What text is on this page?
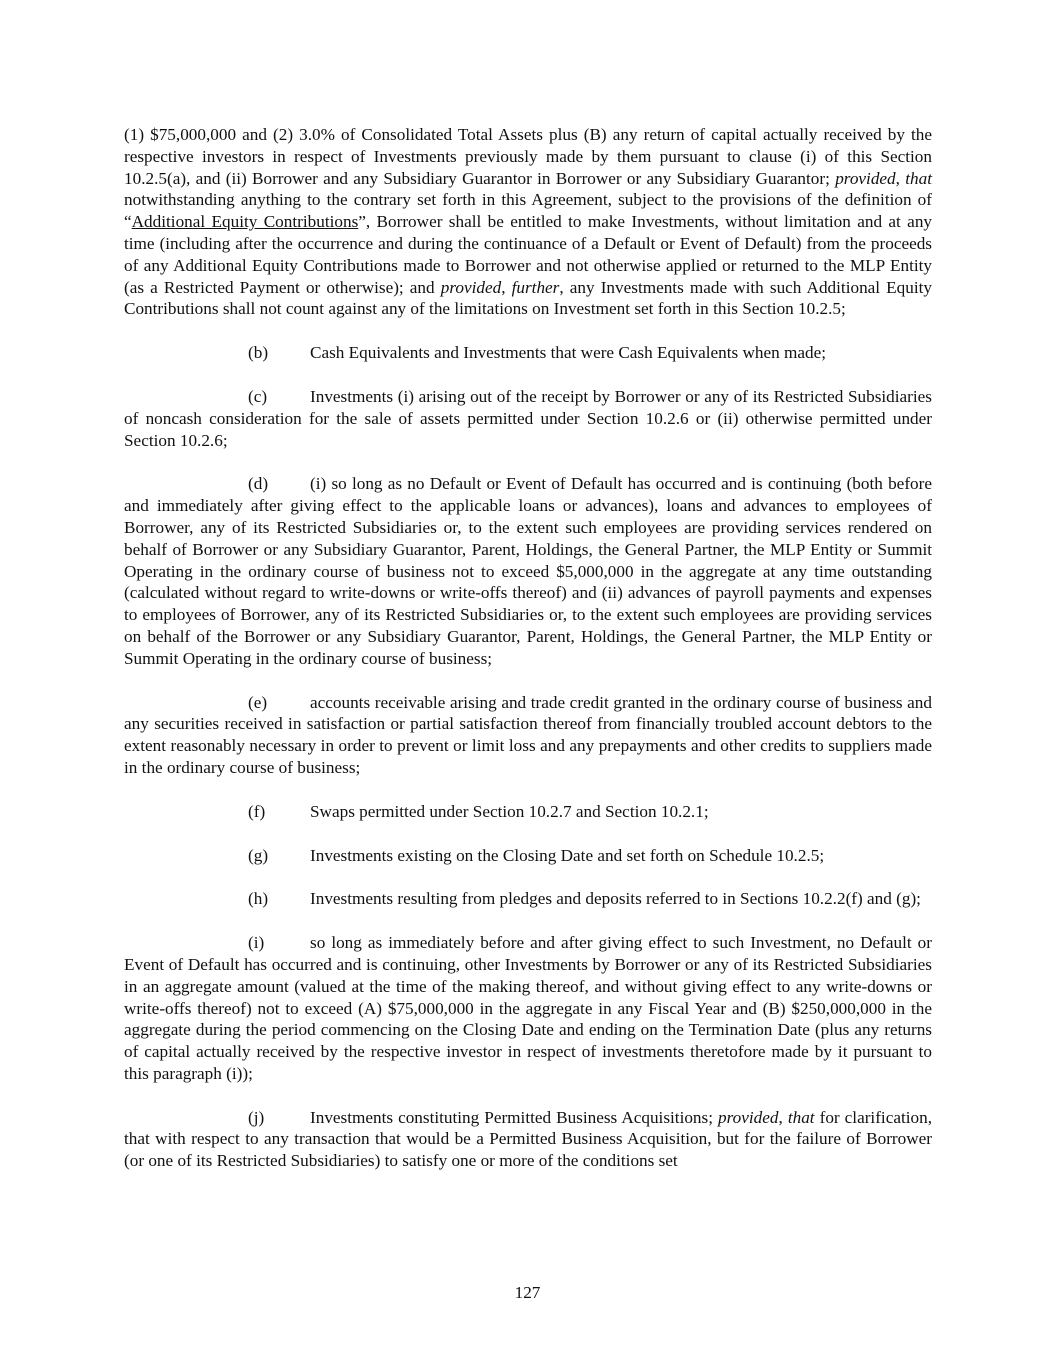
(1) $75,000,000 and (2) 3.0% of Consolidated Total Assets plus (B) any return of capital actually received by the respective investors in respect of Investments previously made by them pursuant to clause (i) of this Section 10.2.5(a), and (ii) Borrower and any Subsidiary Guarantor in Borrower or any Subsidiary Guarantor; provided, that notwithstanding anything to the contrary set forth in this Agreement, subject to the provisions of the definition of “Additional Equity Contributions”, Borrower shall be entitled to make Investments, without limitation and at any time (including after the occurrence and during the continuance of a Default or Event of Default) from the proceeds of any Additional Equity Contributions made to Borrower and not otherwise applied or returned to the MLP Entity (as a Restricted Payment or otherwise); and provided, further, any Investments made with such Additional Equity Contributions shall not count against any of the limitations on Investment set forth in this Section 10.2.5;

(b) Cash Equivalents and Investments that were Cash Equivalents when made;

(c) Investments (i) arising out of the receipt by Borrower or any of its Restricted Subsidiaries of noncash consideration for the sale of assets permitted under Section 10.2.6 or (ii) otherwise permitted under Section 10.2.6;

(d) (i) so long as no Default or Event of Default has occurred and is continuing (both before and immediately after giving effect to the applicable loans or advances), loans and advances to employees of Borrower, any of its Restricted Subsidiaries or, to the extent such employees are providing services rendered on behalf of Borrower or any Subsidiary Guarantor, Parent, Holdings, the General Partner, the MLP Entity or Summit Operating in the ordinary course of business not to exceed $5,000,000 in the aggregate at any time outstanding (calculated without regard to write-downs or write-offs thereof) and (ii) advances of payroll payments and expenses to employees of Borrower, any of its Restricted Subsidiaries or, to the extent such employees are providing services on behalf of the Borrower or any Subsidiary Guarantor, Parent, Holdings, the General Partner, the MLP Entity or Summit Operating in the ordinary course of business;

(e) accounts receivable arising and trade credit granted in the ordinary course of business and any securities received in satisfaction or partial satisfaction thereof from financially troubled account debtors to the extent reasonably necessary in order to prevent or limit loss and any prepayments and other credits to suppliers made in the ordinary course of business;

(f)	Swaps permitted under Section 10.2.7 and Section 10.2.1;

(g) Investments existing on the Closing Date and set forth on Schedule 10.2.5;

(h) Investments resulting from pledges and deposits referred to in Sections 10.2.2(f) and (g);

(i)	so long as immediately before and after giving effect to such Investment, no Default or Event of Default has occurred and is continuing, other Investments by Borrower or any of its Restricted Subsidiaries in an aggregate amount (valued at the time of the making thereof, and without giving effect to any write-downs or write-offs thereof) not to exceed (A) $75,000,000 in the aggregate in any Fiscal Year and (B) $250,000,000 in the aggregate during the period commencing on the Closing Date and ending on the Termination Date (plus any returns of capital actually received by the respective investor in respect of investments theretofore made by it pursuant to this paragraph (i));

(j)	Investments constituting Permitted Business Acquisitions; provided, that for clarification, that with respect to any transaction that would be a Permitted Business Acquisition, but for the failure of Borrower (or one of its Restricted Subsidiaries) to satisfy one or more of the conditions set

127
